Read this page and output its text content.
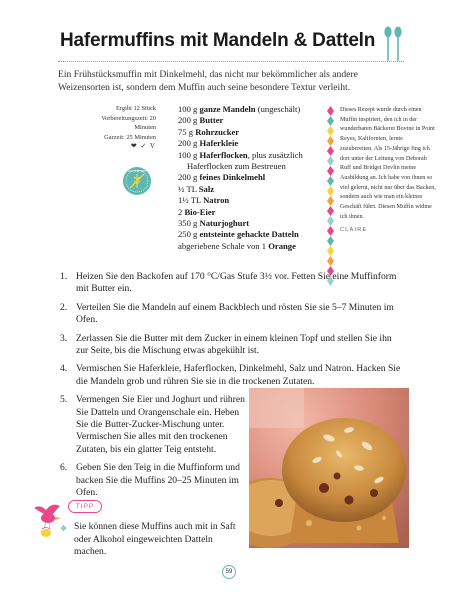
Hafermuffins mit Mandeln & Datteln

Ein Frühstücksmuffin mit Dinkelmehl, das nicht nur bekömmlicher als andere Weizensorten ist, sondern dem Muffin auch seine besondere Textur verleiht.

Ergibt 12 Stück
Vorbereitungszeit: 20 Minuten
Garzeit: 25 Minuten
❤ ✓ V
GLUTENFREIE
100 g ganze Mandeln (ungeschält)
200 g Butter
75 g Rohrzucker
200 g Haferkleie
100 g Haferflocken, plus zusätzlich
Haferflocken zum Bestreuen
200 g feines Dinkelmehl
½ TL Salz
1½ TL Natron
2 Bio-Eier
350 g Naturjoghurt
250 g entsteinte gehackte Datteln
abgeriebene Schale von 1 Orange
Dieses Rezept wurde durch einen Muffin inspiriert, den ich in der wunderbaren Bäckerei Bovine in Point Reyes, Kalifornien, lernte zuzubereiten. Als 15-Jährige fing ich dort unter der Leitung von Deborah Ruff und Bridget Devlin meine Ausbildung an. Ich habe von ihnen so viel gelernt, nicht nur über das Backen, sondern auch wie man ein kleines Geschäft führt. Diesen Muffin widme ich ihnen.
CLAIRE
1. Heizen Sie den Backofen auf 170 °C/Gas Stufe 3½ vor. Fetten Sie eine Muffinform mit Butter ein.
2. Verteilen Sie die Mandeln auf einem Backblech und rösten Sie sie 5–7 Minuten im Ofen.
3. Zerlassen Sie die Butter mit dem Zucker in einem kleinen Topf und stellen Sie ihn zur Seite, bis die Mischung etwas abgekühlt ist.
4. Vermischen Sie Haferkleie, Haferflocken, Dinkelmehl, Salz und Natron. Hacken Sie die Mandeln grob und rühren Sie sie in die trockenen Zutaten.
5. Vermengen Sie Eier und Joghurt und rühren Sie Datteln und Orangenschale ein. Heben Sie die Butter-Zucker-Mischung unter. Vermischen Sie alles mit den trockenen Zutaten, bis ein glatter Teig entsteht.
6. Geben Sie den Teig in die Muffinform und backen Sie die Muffins 20–25 Minuten im Ofen.
TIPP
❖ Sie können diese Muffins auch mit in Saft oder Alkohol eingeweichten Datteln machen.
59
